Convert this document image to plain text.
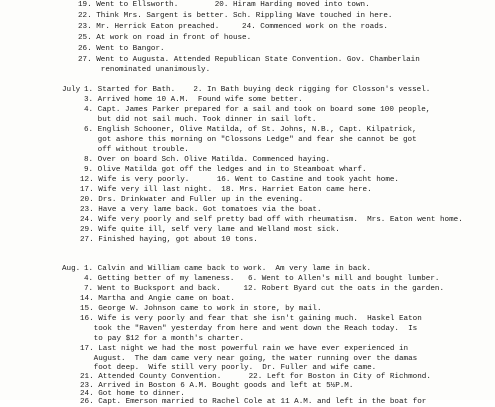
19. Went to Ellsworth.        20. Hiram Harding moved into town.
22. Think Mrs. Sargent is better. Sch. Rippling Wave touched in here.
23. Mr. Herrick Eaton preached.     24. Commenced work on the roads.
25. At work on road in front of house.
26. Went to Bangor.
27. Went to Augusta. Attended Republican State Convention. Gov. Chamberlain
renominated unanimously.
July 1. Started for Bath.    2. In Bath buying deck rigging for Closson's vessel.
3. Arrived home 10 A.M.  Found wife some better.
4. Capt. James Parker prepared for a sail and took on board some 100 people,
but did not sail much. Took dinner in sail loft.
6. English Schooner, Olive Matilda, of St. Johns, N.B., Capt. Kilpatrick,
got ashore this morning on "Clossons Ledge" and fear she cannot be got
off without trouble.
8. Over on board Sch. Olive Matilda. Commenced haying.
9. Olive Matilda got off the ledges and in to Steamboat wharf.
12. Wife is very poorly.      16. Went to Castine and took yacht home.
17. Wife very ill last night.  18. Mrs. Harriet Eaton came here.
20. Drs. Drinkwater and Fuller up in the evening.
23. Have a very lame back. Got tomatoes via the boat.
24. Wife very poorly and self pretty bad off with rheumatism.  Mrs. Eaton went home.
29. Wife quite ill, self very lame and Welland most sick.
27. Finished haying, got about 10 tons.
Aug. 1. Calvin and William came back to work.  Am very lame in back.
4. Getting better of my lameness.   6. Went to Allen's mill and bought lumber.
7. Went to Bucksport and back.     12. Robert Byard cut the oats in the garden.
14. Martha and Angie came on boat.
15. George W. Johnson came to work in store, by mail.
16. Wife is very poorly and fear that she isn't gaining much.  Haskel Eaton
took the "Raven" yesterday from here and went down the Reach today.  Is
to pay $12 for a month's charter.
17. Last night we had the most powerful rain we have ever experienced in
August.  The dam came very near going, the water running over the damas
foot deep.  Wife still very poorly.  Dr. Fuller and wife came.
21. Attended County Convention.      22. Left for Boston in City of Richmond.
23. Arrived in Boston 6 A.M. Bought goods and left at 5½P.M.
24. Got home to dinner.
26. Capt. Emerson married to Rachel Cole at 11 A.M. and left in the boat for
